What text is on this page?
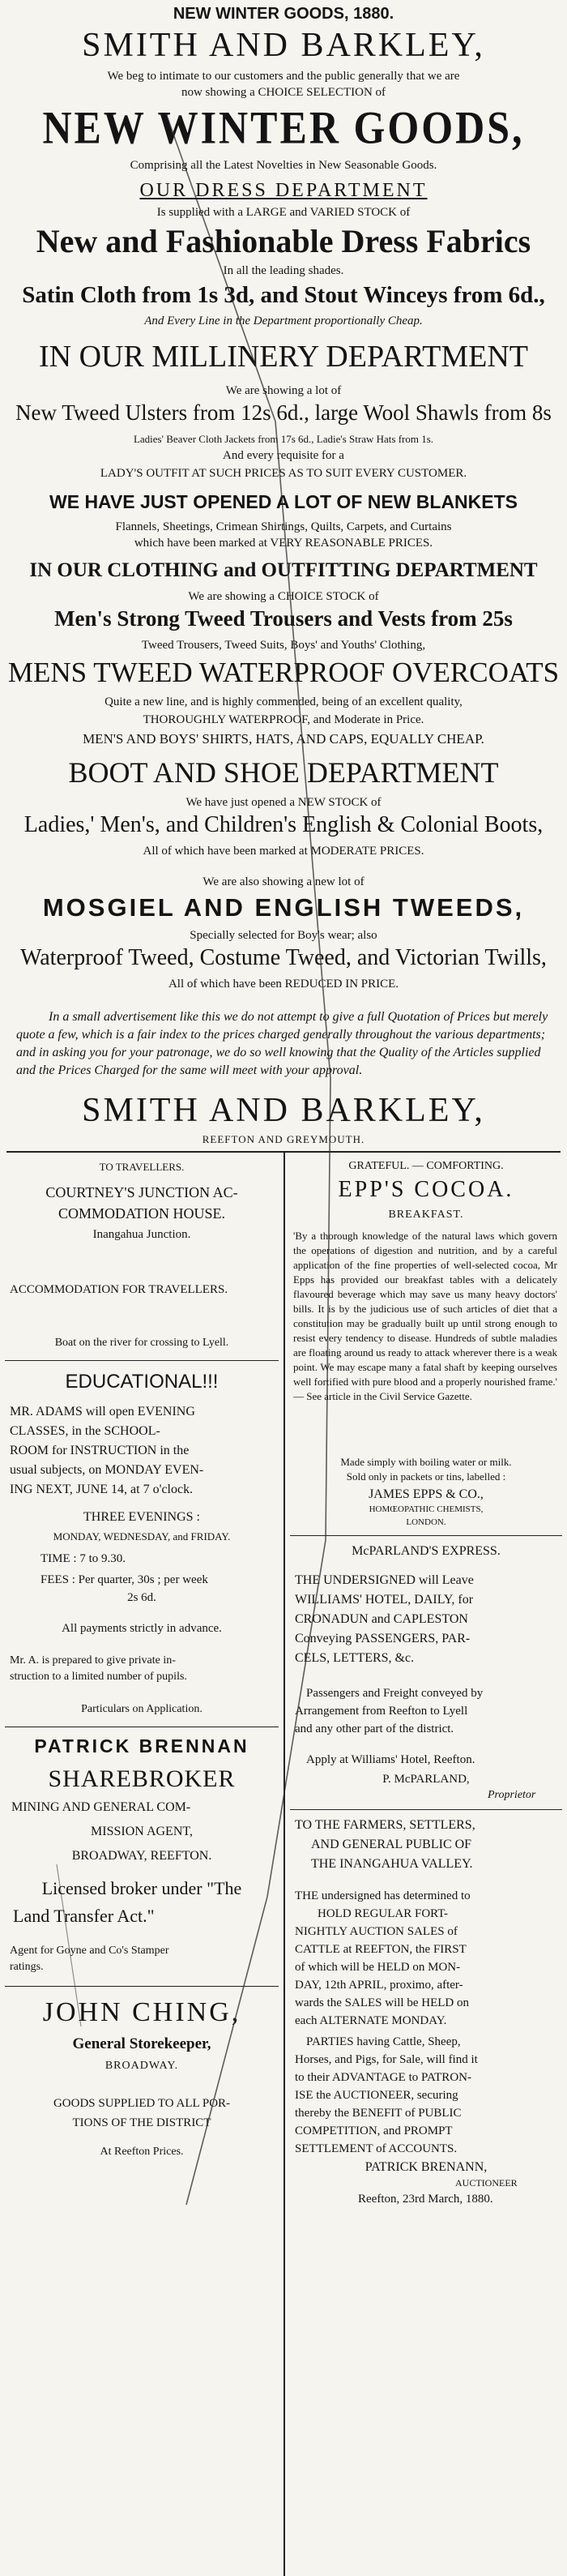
NEW WINTER GOODS, 1880.
SMITH AND BARKLEY,
We beg to intimate to our customers and the public generally that we are
now showing a CHOICE SELECTION of
NEW WINTER GOODS,
Comprising all the Latest Novelties in New Seasonable Goods.
OUR DRESS DEPARTMENT
Is supplied with a LARGE and VARIED STOCK of
New and Fashionable Dress Fabrics
In all the leading shades.
Satin Cloth from 1s 3d, and Stout Winceys from 6d.,
And Every Line in the Department proportionally Cheap.
IN OUR MILLINERY DEPARTMENT
We are showing a lot of
New Tweed Ulsters from 12s 6d., large Wool Shawls from 8s
Ladies' Beaver Cloth Jackets from 17s 6d., Ladie's Straw Hats from 1s.
And every requisite for a
LADY'S OUTFIT AT SUCH PRICES AS TO SUIT EVERY CUSTOMER.
WE HAVE JUST OPENED A LOT OF NEW BLANKETS
Flannels, Sheetings, Crimean Shirtings, Quilts, Carpets, and Curtains
which have been marked at VERY REASONABLE PRICES.
IN OUR CLOTHING and OUTFITTING DEPARTMENT
We are showing a CHOICE STOCK of
Men's Strong Tweed Trousers and Vests from 25s
Tweed Trousers, Tweed Suits, Boys' and Youths' Clothing,
MENS TWEED WATERPROOF OVERCOATS
Quite a new line, and is highly commended, being of an excellent quality,
THOROUGHLY WATERPROOF, and Moderate in Price.
MEN'S AND BOYS' SHIRTS, HATS, AND CAPS, EQUALLY CHEAP.
BOOT AND SHOE DEPARTMENT
We have just opened a NEW STOCK of
Ladies,' Men's, and Children's English & Colonial Boots,
All of which have been marked at MODERATE PRICES.
We are also showing a new lot of
MOSGIEL AND ENGLISH TWEEDS,
Specially selected for Boy's wear; also
Waterproof Tweed, Costume Tweed, and Victorian Twills,
All of which have been REDUCED IN PRICE.
In a small advertisement like this we do not attempt to give a full Quotation of Prices but merely quote a few, which is a fair index to the prices charged generally throughout the various departments; and in asking you for your patronage, we do so well knowing that the Quality of the Articles supplied and the Prices Charged for the same will meet with your approval.
SMITH AND BARKLEY,
REEFTON AND GREYMOUTH.
TO TRAVELLERS.
COURTNEY'S JUNCTION AC-
COMMODATION HOUSE.
Inangahua Junction.
ACCOMMODATION FOR TRAVELLERS.
Boat on the river for crossing to Lyell.
EDUCATIONAL!!!
MR. ADAMS will open EVENING
CLASSES, in the SCHOOL-
ROOM for INSTRUCTION in the
usual subjects, on MONDAY EVEN-
ING NEXT, JUNE 14, at 7 o'clock.
THREE EVENINGS :
MONDAY, WEDNESDAY, and FRIDAY.
TIME : 7 to 9.30.
FEES : Per quarter, 30s ; per week
2s 6d.
All payments strictly in advance.
Mr. A. is prepared to give private in-
struction to a limited number of pupils.
Particulars on Application.
PATRICK BRENNAN
SHAREBROKER
MINING AND GENERAL COM-
MISSION AGENT,
BROADWAY, REEFTON.
Licensed broker under "The
Land Transfer Act."
Agent for Goyne and Co's Stamper
ratings.
JOHN CHING,
General Storekeeper,
BROADWAY.
GOODS SUPPLIED TO ALL POR-
TIONS OF THE DISTRICT
At Reefton Prices.
GRATEFUL. — COMFORTING.
EPP'S COCOA.
BREAKFAST.
'By a thorough knowledge of the natural laws which govern the operations of digestion and nutrition, and by a careful application of the fine properties of well-selected cocoa, Mr Epps has provided our breakfast tables with a delicately flavoured beverage which may save us many heavy doctors' bills. It is by the judicious use of such articles of diet that a constitution may be gradually built up until strong enough to resist every tendency to disease. Hundreds of subtle maladies are floating around us ready to attack wherever there is a weak point. We may escape many a fatal shaft by keeping ourselves well fortified with pure blood and a properly nourished frame.' — See article in the Civil Service Gazette.
Made simply with boiling water or milk.
Sold only in packets or tins, labelled :
JAMES EPPS & CO.,
HOMŒOPATHIC CHEMISTS,
LONDON.
McPARLAND'S EXPRESS.
THE UNDERSIGNED will Leave
WILLIAMS' HOTEL, DAILY, for
CRONADUN and CAPLESTON
Conveying PASSENGERS, PAR-
CELS, LETTERS, &c.
Passengers and Freight conveyed by
Arrangement from Reefton to Lyell
and any other part of the district.
Apply at Williams' Hotel, Reefton.
P. McPARLAND,
Proprietor
TO THE FARMERS, SETTLERS,
AND GENERAL PUBLIC OF
THE INANGAHUA VALLEY.
THE undersigned has determined to
HOLD REGULAR FORT-
NIGHTLY AUCTION SALES of
CATTLE at REEFTON, the FIRST
of which will be HELD on MON-
DAY, 12th APRIL, proximo, after-
wards the SALES will be HELD on
each ALTERNATE MONDAY.
PARTIES having Cattle, Sheep,
Horses, and Pigs, for Sale, will find it
to their ADVANTAGE to PATRON-
ISE the AUCTIONEER, securing
thereby the BENEFIT of PUBLIC
COMPETITION, and PROMPT
SETTLEMENT of ACCOUNTS.
PATRICK BRENANN,
AUCTIONEER
Reefton, 23rd March, 1880.
